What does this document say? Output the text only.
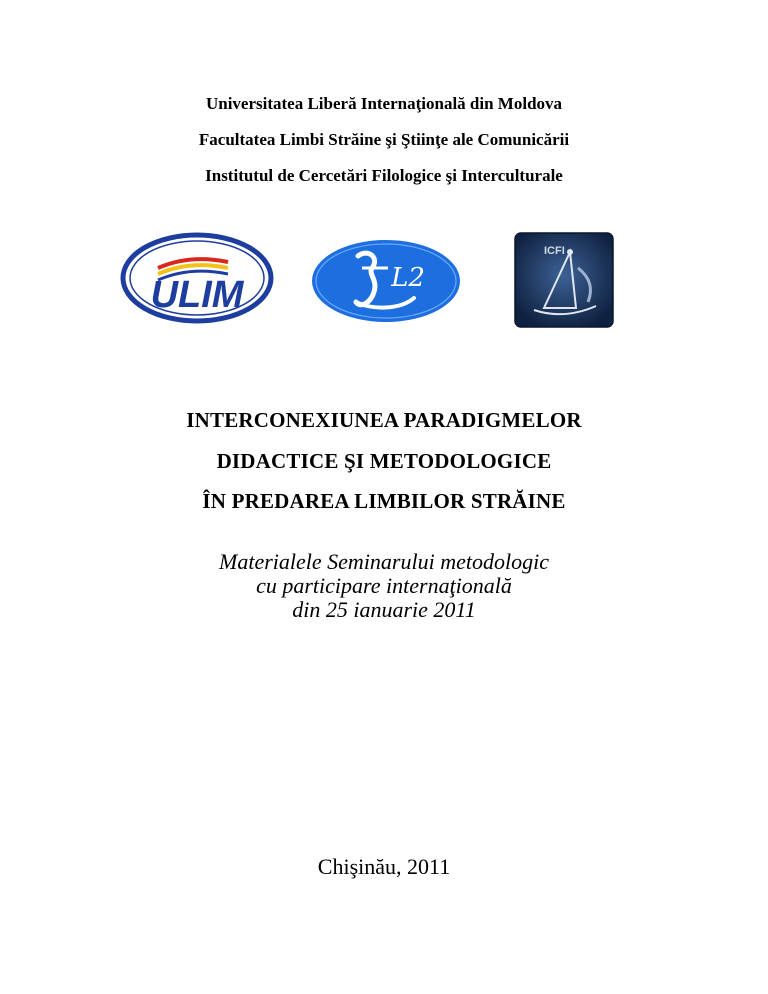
Universitatea Liberă Internaţională din Moldova
Facultatea Limbi Străine şi Ştiinţe ale Comunicării
Institutul de Cercetări Filologice şi Interculturale
ULIM	L2
ICFI
INTERCONEXIUNEA PARADIGMELOR
DIDACTICE ŞI METODOLOGICE
ÎN PREDAREA LIMBILOR STRĂINE
Materialele Seminarului metodologic
cu participare internaţională
din 25 ianuarie 2011
Chişinău, 2011
